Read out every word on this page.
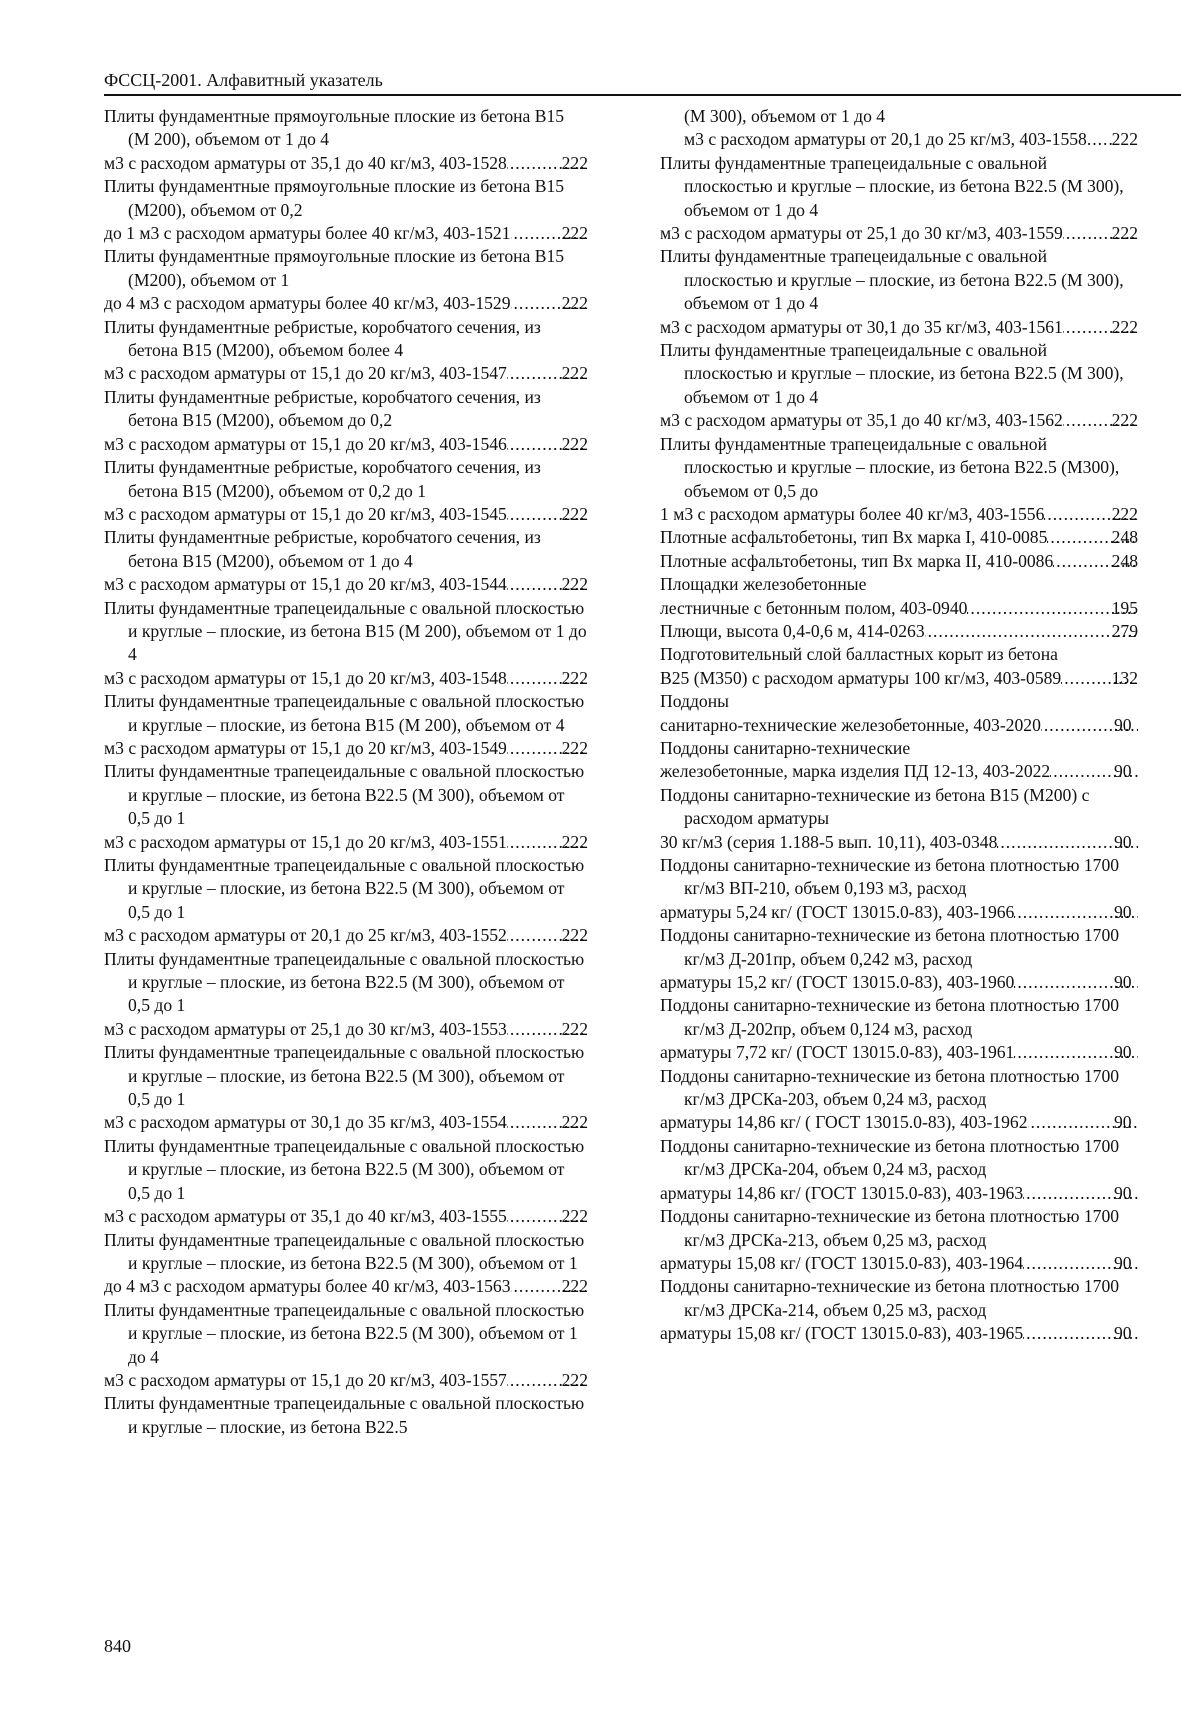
ФССЦ-2001. Алфавитный указатель
Плиты фундаментные прямоугольные плоские из бетона В15 (М 200), объемом от 1 до 4
м3 с расходом арматуры от 35,1 до 40 кг/м3, 403-1528 .....	222
Плиты фундаментные прямоугольные плоские из бетона В15 (М200), объемом от 0,2
до 1 м3 с расходом арматуры более 40 кг/м3, 403-1521 .....	222
Плиты фундаментные прямоугольные плоские из бетона В15 (М200), объемом от 1
до 4 м3 с расходом арматуры более 40 кг/м3, 403-1529 .....	222
Плиты фундаментные ребристые, коробчатого сечения, из бетона В15 (М200), объемом более 4
м3 с расходом арматуры от 15,1 до 20 кг/м3, 403-1547 .....	222
Плиты фундаментные ребристые, коробчатого сечения, из бетона В15 (М200), объемом до 0,2
м3 с расходом арматуры от 15,1 до 20 кг/м3, 403-1546 .....	222
Плиты фундаментные ребристые, коробчатого сечения, из бетона В15 (М200), объемом от 0,2 до 1
м3 с расходом арматуры от 15,1 до 20 кг/м3, 403-1545 .....	222
Плиты фундаментные ребристые, коробчатого сечения, из бетона В15 (М200), объемом от 1 до 4
м3 с расходом арматуры от 15,1 до 20 кг/м3, 403-1544 .....	222
Плиты фундаментные трапецеидальные с овальной плоскостью и круглые – плоские, из бетона В15 (М 200), объемом от 1 до 4
м3 с расходом арматуры от 15,1 до 20 кг/м3, 403-1548 .....	222
Плиты фундаментные трапецеидальные с овальной плоскостью и круглые – плоские, из бетона В15 (М 200), объемом от 4
м3 с расходом арматуры от 15,1 до 20 кг/м3, 403-1549 .....	222
Плиты фундаментные трапецеидальные с овальной плоскостью и круглые – плоские, из бетона В22.5 (М 300), объемом от 0,5 до 1
м3 с расходом арматуры от 15,1 до 20 кг/м3, 403-1551 .....	222
Плиты фундаментные трапецеидальные с овальной плоскостью и круглые – плоские, из бетона В22.5 (М 300), объемом от 0,5 до 1
м3 с расходом арматуры от 20,1 до 25 кг/м3, 403-1552 .....	222
Плиты фундаментные трапецеидальные с овальной плоскостью и круглые – плоские, из бетона В22.5 (М 300), объемом от 0,5 до 1
м3 с расходом арматуры от 25,1 до 30 кг/м3, 403-1553 .....	222
Плиты фундаментные трапецеидальные с овальной плоскостью и круглые – плоские, из бетона В22.5 (М 300), объемом от 0,5 до 1
м3 с расходом арматуры от 30,1 до 35 кг/м3, 403-1554 .....	222
Плиты фундаментные трапецеидальные с овальной плоскостью и круглые – плоские, из бетона В22.5 (М 300), объемом от 0,5 до 1
м3 с расходом арматуры от 35,1 до 40 кг/м3, 403-1555 .....	222
Плиты фундаментные трапецеидальные с овальной плоскостью и круглые – плоские, из бетона В22.5 (М 300), объемом от 1
до 4 м3 с расходом арматуры более 40 кг/м3, 403-1563 .....	222
Плиты фундаментные трапецеидальные с овальной плоскостью и круглые – плоские, из бетона В22.5 (М 300), объемом от 1 до 4
м3 с расходом арматуры от 15,1 до 20 кг/м3, 403-1557 .....	222
Плиты фундаментные трапецеидальные с овальной плоскостью и круглые – плоские, из бетона В22.5
(М 300), объемом от 1 до 4
м3 с расходом арматуры от 20,1 до 25 кг/м3, 403-1558 ..... 222
Плиты фундаментные трапецеидальные с овальной плоскостью и круглые – плоские, из бетона В22.5 (М 300), объемом от 1 до 4
м3 с расходом арматуры от 25,1 до 30 кг/м3, 403-1559 .....	222
Плиты фундаментные трапецеидальные с овальной плоскостью и круглые – плоские, из бетона В22.5 (М 300), объемом от 1 до 4
м3 с расходом арматуры от 30,1 до 35 кг/м3, 403-1561 .....	222
Плиты фундаментные трапецеидальные с овальной плоскостью и круглые – плоские, из бетона В22.5 (М 300), объемом от 1 до 4
м3 с расходом арматуры от 35,1 до 40 кг/м3, 403-1562 .....	222
Плиты фундаментные трапецеидальные с овальной плоскостью и круглые – плоские, из бетона В22.5 (М300), объемом от 0,5 до
1 м3 с расходом арматуры более 40 кг/м3, 403-1556 .....	222
Плотные асфальтобетоны, тип Вх марка I, 410-0085 .....	248
Плотные асфальтобетоны, тип Вх марка II, 410-0086 .....	248
Площадки железобетонные
лестничные с бетонным полом, 403-0940 .....	195
Плющи, высота 0,4-0,6 м, 414-0263 .....	279
Подготовительный слой балластных корыт из бетона
В25 (М350) с расходом арматуры 100 кг/м3, 403-0589 .....	132
Поддоны
санитарно-технические железобетонные, 403-2020 .....	90
Поддоны санитарно-технические
железобетонные, марка изделия ПД 12-13, 403-2022 .....	90
Поддоны санитарно-технические из бетона В15 (М200) с расходом арматуры
30 кг/м3 (серия 1.188-5 вып. 10,11), 403-0348 .....	90
Поддоны санитарно-технические из бетона плотностью 1700 кг/м3 ВП-210, объем 0,193 м3, расход
арматуры 5,24 кг/ (ГОСТ 13015.0-83), 403-1966 .....	90
Поддоны санитарно-технические из бетона плотностью 1700 кг/м3 Д-201пр, объем 0,242 м3, расход
арматуры 15,2 кг/ (ГОСТ 13015.0-83), 403-1960 .....	90
Поддоны санитарно-технические из бетона плотностью 1700 кг/м3 Д-202пр, объем 0,124 м3, расход
арматуры 7,72 кг/ (ГОСТ 13015.0-83), 403-1961 .....	90
Поддоны санитарно-технические из бетона плотностью 1700 кг/м3 ДРСКа-203, объем 0,24 м3, расход
арматуры 14,86 кг/ ( ГОСТ 13015.0-83), 403-1962 .....	90
Поддоны санитарно-технические из бетона плотностью 1700 кг/м3 ДРСКа-204, объем 0,24 м3, расход
арматуры 14,86 кг/ (ГОСТ 13015.0-83), 403-1963 .....	90
Поддоны санитарно-технические из бетона плотностью 1700 кг/м3 ДРСКа-213, объем 0,25 м3, расход
арматуры 15,08 кг/ (ГОСТ 13015.0-83), 403-1964 .....	90
Поддоны санитарно-технические из бетона плотностью 1700 кг/м3 ДРСКа-214, объем 0,25 м3, расход
арматуры 15,08 кг/ (ГОСТ 13015.0-83), 403-1965 .....	90
840
